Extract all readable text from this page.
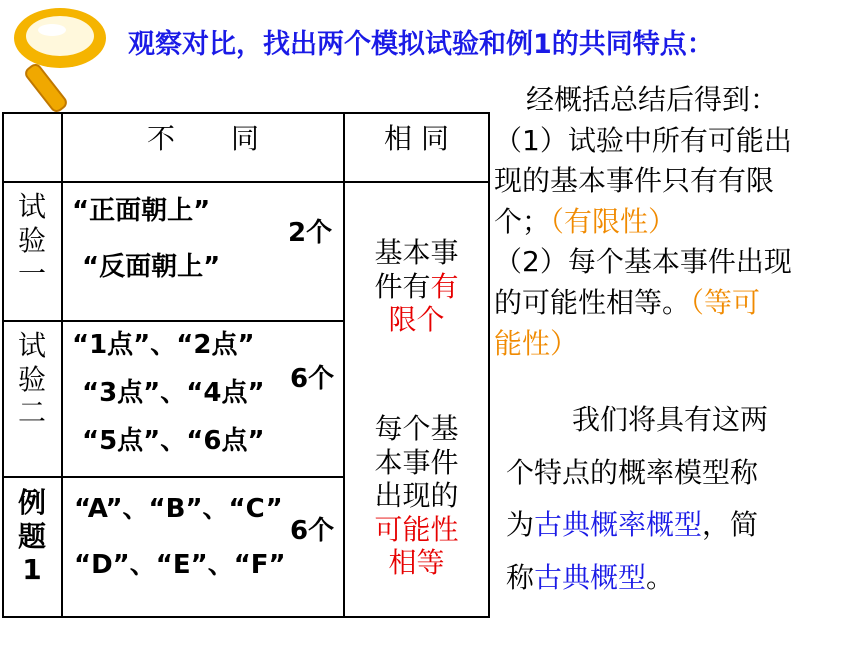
观察对比，找出两个模拟试验和例1的共同特点：
不　　同	相 同
试
验
一
“正面朝上”
“反面朝上”
2个
试
验
二
“1点”、“2点”
“3点”、“4点”
“5点”、“6点”
6个
例
题
1
“A”、“B”、“C”
“D”、“E”、“F”
6个
基本事
件有有
限个
每个基
本事件
出现的
可能性
相等
经概括总结后得到：
（1）试验中所有可能出
现的基本事件只有有限
个；（有限性）
（2）每个基本事件出现
的可能性相等。（等可
能性）
我们将具有这两
个特点的概率模型称
为古典概率概型，简
称古典概型。
